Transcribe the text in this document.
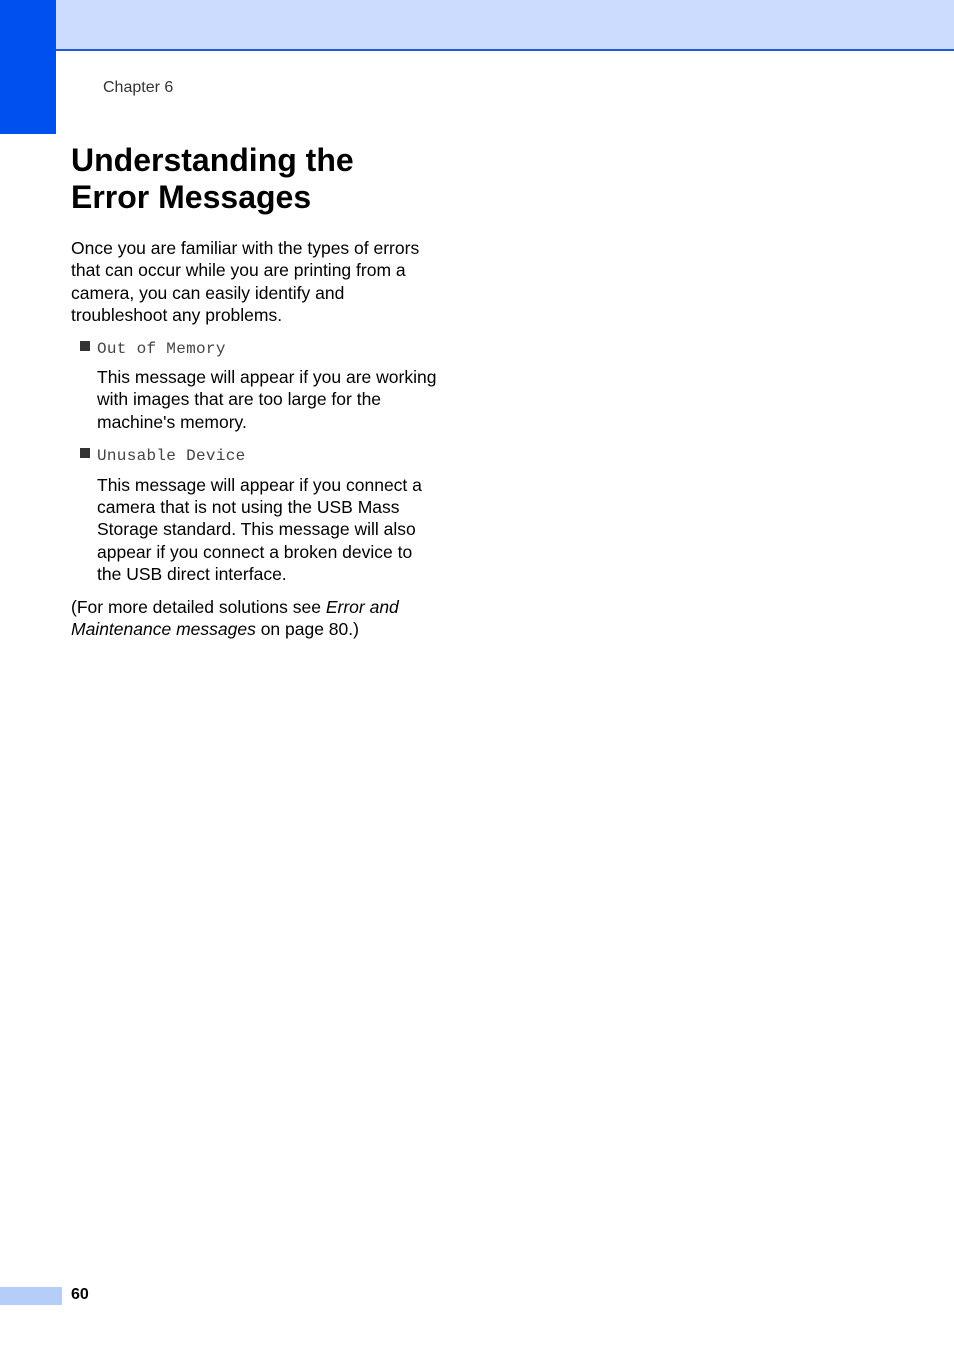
Chapter 6
Understanding the
Error Messages

Once you are familiar with the types of errors that can occur while you are printing from a camera, you can easily identify and troubleshoot any problems.

Out of Memory

This message will appear if you are working with images that are too large for the machine's memory.

Unusable Device

This message will appear if you connect a camera that is not using the USB Mass Storage standard. This message will also appear if you connect a broken device to the USB direct interface.

(For more detailed solutions see Error and Maintenance messages on page 80.)

60
